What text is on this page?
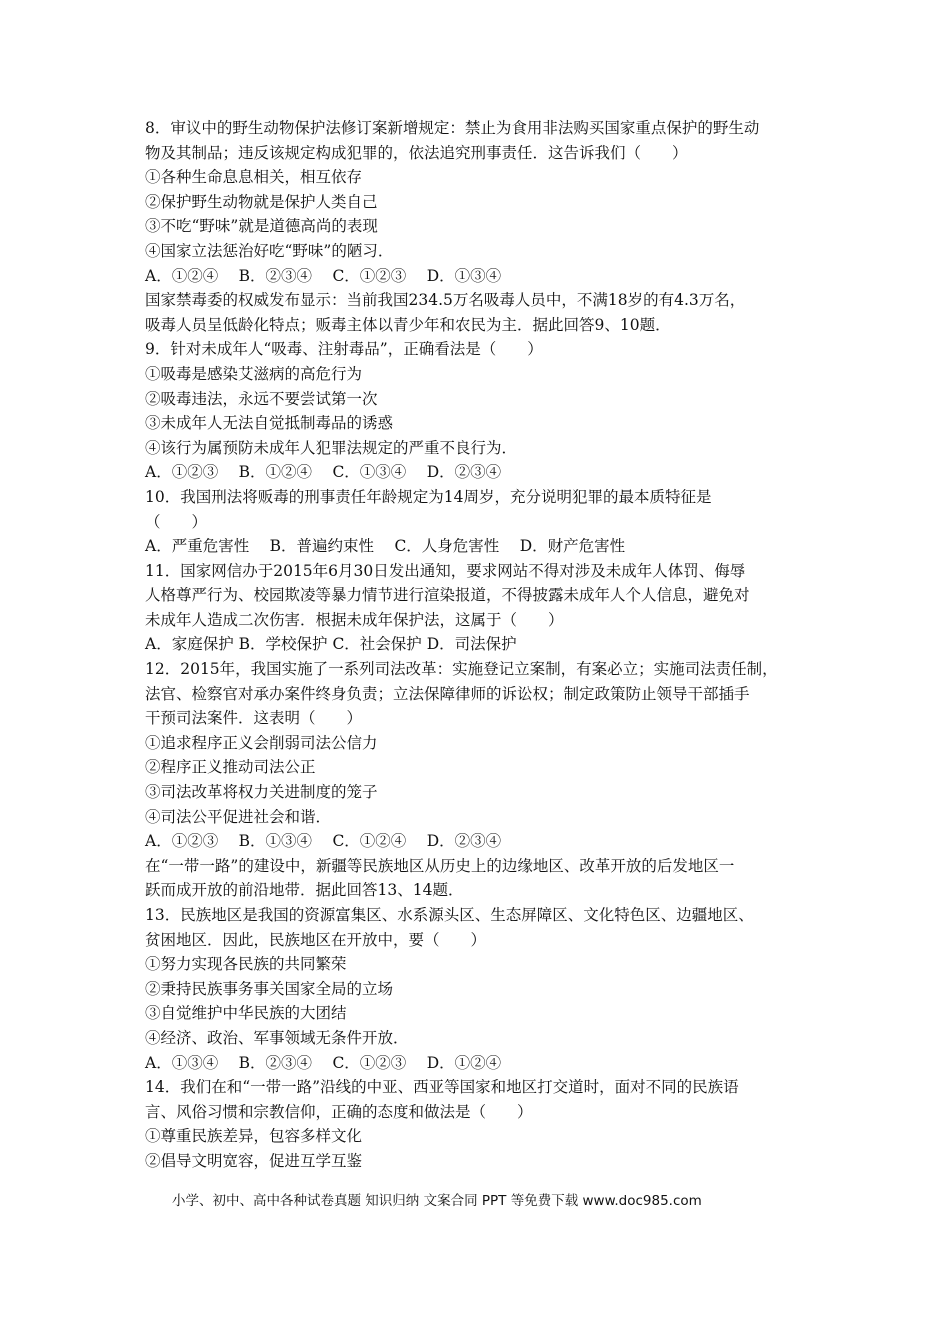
8．审议中的野生动物保护法修订案新增规定：禁止为食用非法购买国家重点保护的野生动
物及其制品；违反该规定构成犯罪的，依法追究刑事责任．这告诉我们（　　）
①各种生命息息相关，相互依存
②保护野生动物就是保护人类自己
③不吃“野味”就是道德高尚的表现
④国家立法惩治好吃“野味”的陋习．
A．①②④　 B．②③④　 C．①②③　 D．①③④
国家禁毒委的权威发布显示：当前我国234.5万名吸毒人员中，不满18岁的有4.3万名，
吸毒人员呈低龄化特点；贩毒主体以青少年和农民为主．据此回答9、10题．
9．针对未成年人“吸毒、注射毒品”，正确看法是（　　）
①吸毒是感染艾滋病的高危行为
②吸毒违法，永远不要尝试第一次
③未成年人无法自觉抵制毒品的诱惑
④该行为属预防未成年人犯罪法规定的严重不良行为．
A．①②③　 B．①②④　 C．①③④　 D．②③④
10．我国刑法将贩毒的刑事责任年龄规定为14周岁，充分说明犯罪的最本质特征是
（　　）
A．严重危害性　 B．普遍约束性　 C．人身危害性　 D．财产危害性
11．国家网信办于2015年6月30日发出通知，要求网站不得对涉及未成年人体罚、侮辱
人格尊严行为、校园欺凌等暴力情节进行渲染报道，不得披露未成年人个人信息，避免对
未成年人造成二次伤害．根据未成年保护法，这属于（　　）
A．家庭保护 B．学校保护 C．社会保护 D．司法保护
12．2015年，我国实施了一系列司法改革：实施登记立案制，有案必立；实施司法责任制，
法官、检察官对承办案件终身负责；立法保障律师的诉讼权；制定政策防止领导干部插手
干预司法案件．这表明（　　）
①追求程序正义会削弱司法公信力
②程序正义推动司法公正
③司法改革将权力关进制度的笼子
④司法公平促进社会和谐．
A．①②③　 B．①③④　 C．①②④　 D．②③④
在“一带一路”的建设中，新疆等民族地区从历史上的边缘地区、改革开放的后发地区一
跃而成开放的前沿地带．据此回答13、14题．
13．民族地区是我国的资源富集区、水系源头区、生态屏障区、文化特色区、边疆地区、
贫困地区．因此，民族地区在开放中，要（　　）
①努力实现各民族的共同繁荣
②秉持民族事务事关国家全局的立场
③自觉维护中华民族的大团结
④经济、政治、军事领域无条件开放．
A．①③④　 B．②③④　 C．①②③　 D．①②④
14．我们在和“一带一路”沿线的中亚、西亚等国家和地区打交道时，面对不同的民族语
言、风俗习惯和宗教信仰，正确的态度和做法是（　　）
①尊重民族差异，包容多样文化
②倡导文明宽容，促进互学互鉴
小学、初中、高中各种试卷真题 知识归纳 文案合同 PPT 等免费下载 www.doc985.com
